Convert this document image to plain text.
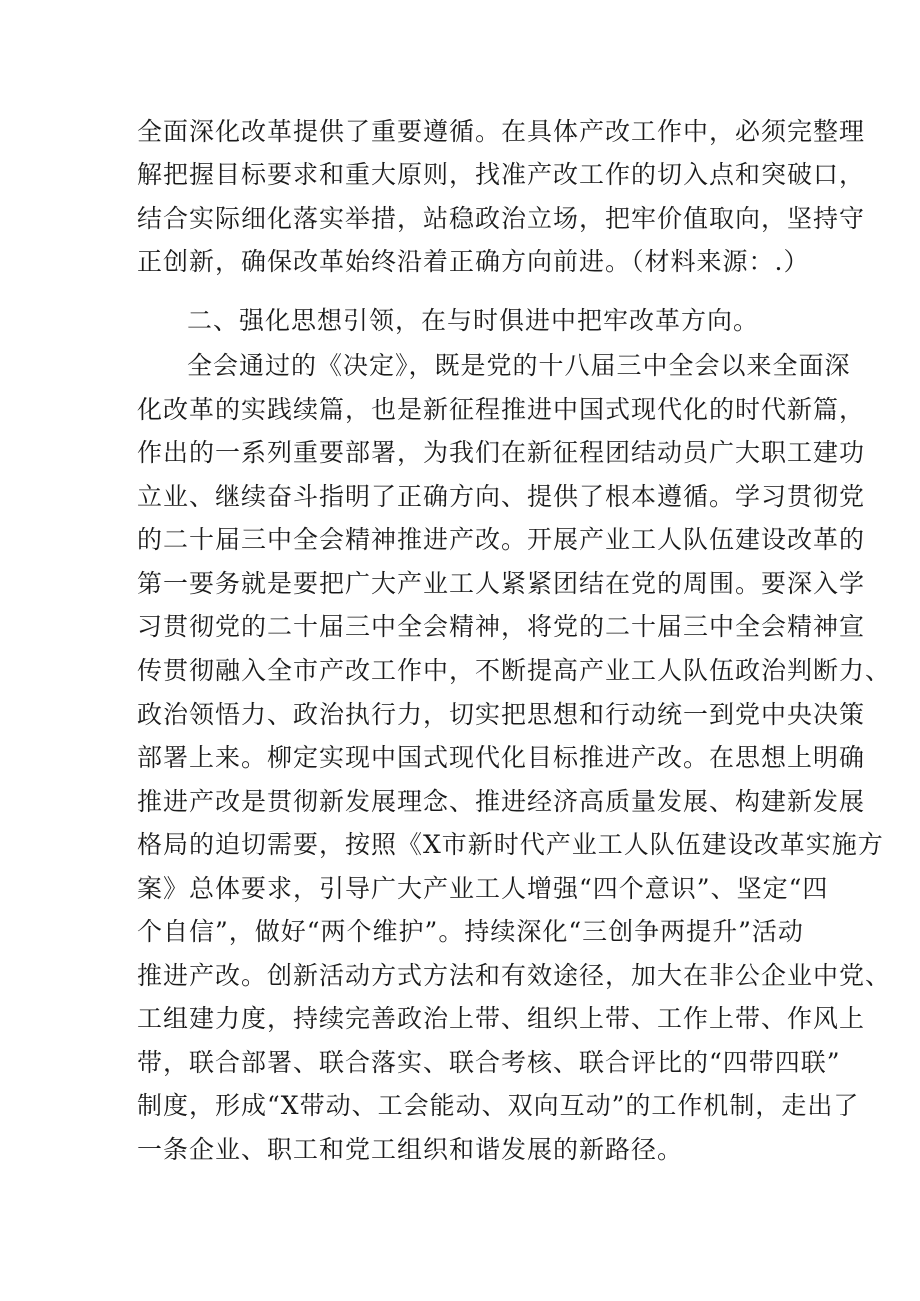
全面深化改革提供了重要遵循。在具体产改工作中，必须完整理

解把握目标要求和重大原则，找准产改工作的切入点和突破口，

结合实际细化落实举措，站稳政治立场，把牢价值取向，坚持守

正创新，确保改革始终沿着正确方向前进。（材料来源：.）

二、强化思想引领，在与时俱进中把牢改革方向。

全会通过的《决定》，既是党的十八届三中全会以来全面深

化改革的实践续篇，也是新征程推进中国式现代化的时代新篇，

作出的一系列重要部署，为我们在新征程团结动员广大职工建功

立业、继续奋斗指明了正确方向、提供了根本遵循。学习贯彻党

的二十届三中全会精神推进产改。开展产业工人队伍建设改革的

第一要务就是要把广大产业工人紧紧团结在党的周围。要深入学

习贯彻党的二十届三中全会精神，将党的二十届三中全会精神宣

传贯彻融入全市产改工作中，不断提高产业工人队伍政治判断力、

政治领悟力、政治执行力，切实把思想和行动统一到党中央决策

部署上来。柳定实现中国式现代化目标推进产改。在思想上明确

推进产改是贯彻新发展理念、推进经济高质量发展、构建新发展

格局的迫切需要，按照《X市新时代产业工人队伍建设改革实施方

案》总体要求，引导广大产业工人增强“四个意识”、坚定“四

个自信”，做好“两个维护”。持续深化“三创争两提升”活动

推进产改。创新活动方式方法和有效途径，加大在非公企业中党、

工组建力度，持续完善政治上带、组织上带、工作上带、作风上

带，联合部署、联合落实、联合考核、联合评比的“四带四联”

制度，形成“X带动、工会能动、双向互动”的工作机制，走出了

一条企业、职工和党工组织和谐发展的新路径。
